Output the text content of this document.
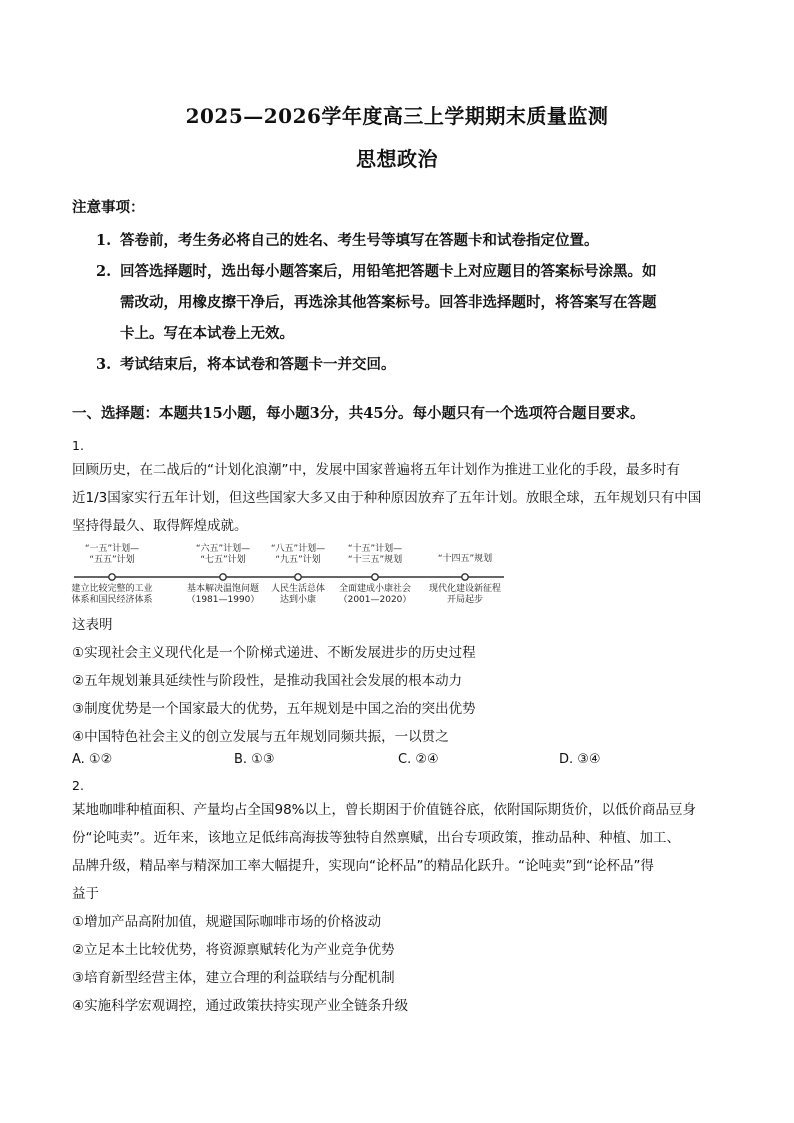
2025—2026学年度高三上学期期末质量监测
思想政治
注意事项：
1. 答卷前，考生务必将自己的姓名、考生号等填写在答题卡和试卷指定位置。
2. 回答选择题时，选出每小题答案后，用铅笔把答题卡上对应题目的答案标号涂黑。如
需改动，用橡皮擦干净后，再选涂其他答案标号。回答非选择题时，将答案写在答题
卡上。写在本试卷上无效。
3. 考试结束后，将本试卷和答题卡一并交回。
一、选择题：本题共15小题，每小题3分，共45分。每小题只有一个选项符合题目要求。
1.
回顾历史，在二战后的“计划化浪潮”中，发展中国家普遍将五年计划作为推进工业化的手段，最多时有
近1/3国家实行五年计划，但这些国家大多又由于种种原因放弃了五年计划。放眼全球，五年规划只有中国
坚持得最久、取得辉煌成就。
“一五”计划—
“五五”计划
建立比较完整的工业
体系和国民经济体系
“六五”计划—
“七五”计划
基本解决温饱问题
（1981—1990）
“八五”计划—
“九五”计划
人民生活总体
达到小康
“十五”计划—
“十三五”规划
全面建成小康社会
（2001—2020）
“十四五”规划
现代化建设新征程
开局起步
这表明
①实现社会主义现代化是一个阶梯式递进、不断发展进步的历史过程
②五年规划兼具延续性与阶段性，是推动我国社会发展的根本动力
③制度优势是一个国家最大的优势，五年规划是中国之治的突出优势
④中国特色社会主义的创立发展与五年规划同频共振，一以贯之
A. ①②	B. ①③	C. ②④	D. ③④
2.
某地咖啡种植面积、产量均占全国98%以上，曾长期困于价值链谷底，依附国际期货价，以低价商品豆身
份“论吨卖”。近年来，该地立足低纬高海拔等独特自然禀赋，出台专项政策，推动品种、种植、加工、
品牌升级，精品率与精深加工率大幅提升，实现向“论杯品”的精品化跃升。“论吨卖”到“论杯品”得
益于
①增加产品高附加值，规避国际咖啡市场的价格波动
②立足本土比较优势，将资源禀赋转化为产业竞争优势
③培育新型经营主体，建立合理的利益联结与分配机制
④实施科学宏观调控，通过政策扶持实现产业全链条升级
